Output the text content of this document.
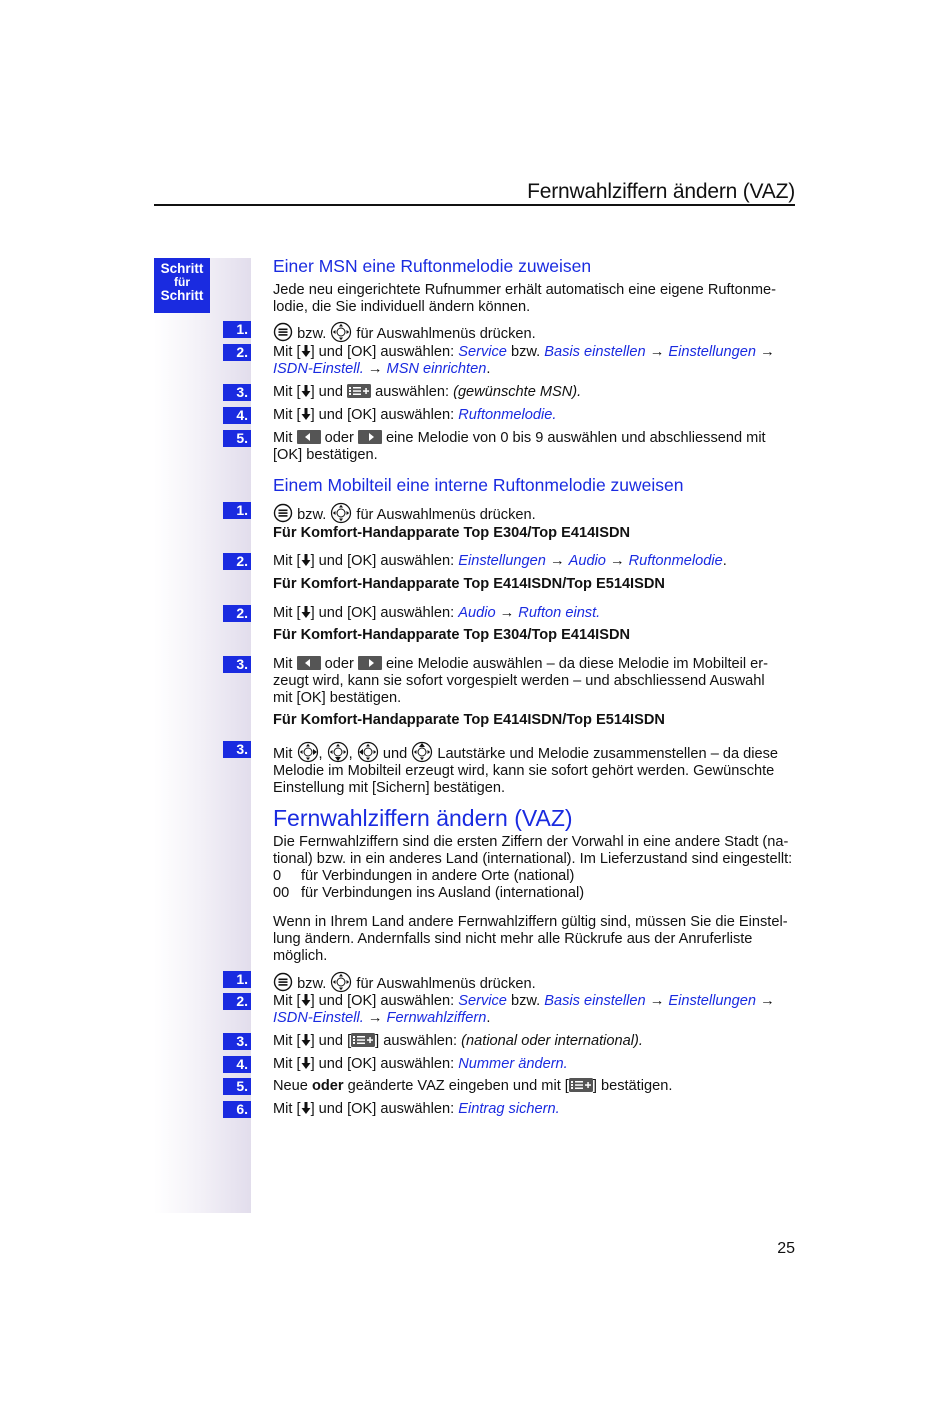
Fernwahlziffern ändern (VAZ)
Schritt
für
Schritt
Einer MSN eine Ruftonmelodie zuweisen
Jede neu eingerichtete Rufnummer erhält automatisch eine eigene Ruftonme- lodie, die Sie individuell ändern können.
1.	bzw. für Auswahlmenüs drücken.
2. Mit [ ] und [OK] auswählen: Service bzw. Basis einstellen → Einstellungen →
ISDN-Einstell. → MSN einrichten.
3. Mit [ ] und auswählen: (gewünschte MSN).
4. Mit [ ] und [OK] auswählen: Ruftonmelodie.
5. Mit oder eine Melodie von 0 bis 9 auswählen und abschliessend mit
[OK] bestätigen.
Einem Mobilteil eine interne Ruftonmelodie zuweisen
1.	bzw. für Auswahlmenüs drücken.
Für Komfort-Handapparate Top E304/Top E414ISDN
2. Mit [ ] und [OK] auswählen: Einstellungen → Audio → Ruftonmelodie.
Für Komfort-Handapparate Top E414ISDN/Top E514ISDN
2. Mit [ ] und [OK] auswählen: Audio → Rufton einst.
Für Komfort-Handapparate Top E304/Top E414ISDN
3. Mit oder eine Melodie auswählen – da diese Melodie im Mobilteil er-
zeugt wird, kann sie sofort vorgespielt werden – und abschliessend Auswahl
mit [OK] bestätigen.
Für Komfort-Handapparate Top E414ISDN/Top E514ISDN
3. Mit , , und Lautstärke und Melodie zusammenstellen – da diese
Melodie im Mobilteil erzeugt wird, kann sie sofort gehört werden. Gewünschte
Einstellung mit [Sichern] bestätigen.
Fernwahlziffern ändern (VAZ)
Die Fernwahlziffern sind die ersten Ziffern der Vorwahl in eine andere Stadt (na-
tional) bzw. in ein anderes Land (international). Im Lieferzustand sind eingestellt:
0 für Verbindungen in andere Orte (national)
00 für Verbindungen ins Ausland (international)
Wenn in Ihrem Land andere Fernwahlziffern gültig sind, müssen Sie die Einstel-
lung ändern. Andernfalls sind nicht mehr alle Rückrufe aus der Anruferliste
möglich.
1.	bzw. für Auswahlmenüs drücken.
2. Mit [ ] und [OK] auswählen: Service bzw. Basis einstellen → Einstellungen →
ISDN-Einstell. → Fernwahlziffern.
3. Mit [ ] und [ ] auswählen: (national oder international).
4. Mit [ ] und [OK] auswählen: Nummer ändern.
5. Neue oder geänderte VAZ eingeben und mit [ ] bestätigen.
6. Mit [ ] und [OK] auswählen: Eintrag sichern.
25
